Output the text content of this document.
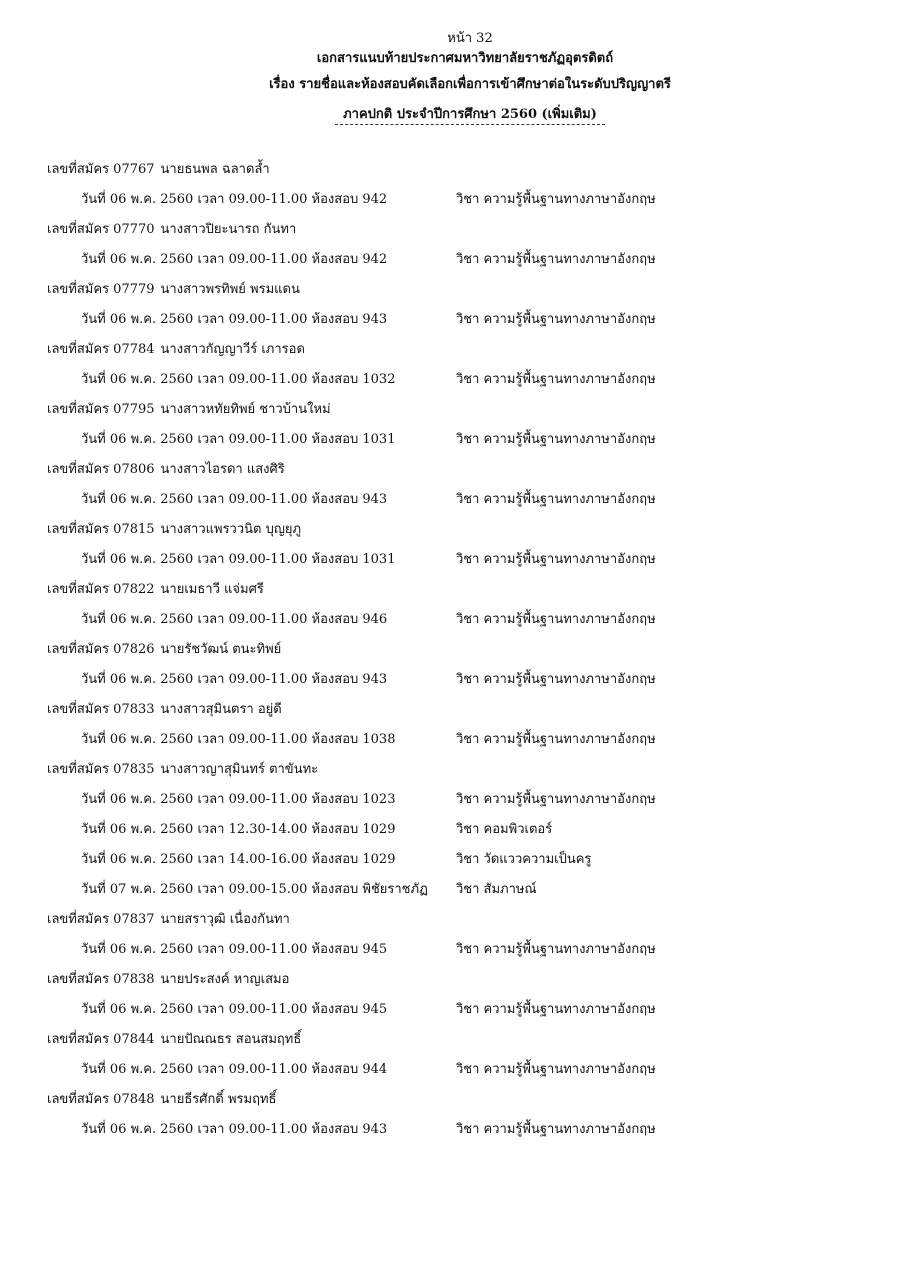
หน้า 32
เอกสารแนบท้ายประกาศมหาวิทยาลัยราชภัฏอุตรดิตถ์
เรื่อง รายชื่อและห้องสอบคัดเลือกเพื่อการเข้าศึกษาต่อในระดับปริญญาตรี
ภาคปกติ ประจำปีการศึกษา 2560 (เพิ่มเติม)
เลขที่สมัคร 07767 นายธนพล ฉลาดล้ำ
วันที่ 06 พ.ค. 2560 เวลา 09.00-11.00 ห้องสอบ 942	วิชา ความรู้พื้นฐานทางภาษาอังกฤษ
เลขที่สมัคร 07770 นางสาวปิยะนารถ กันทา
วันที่ 06 พ.ค. 2560 เวลา 09.00-11.00 ห้องสอบ 942	วิชา ความรู้พื้นฐานทางภาษาอังกฤษ
เลขที่สมัคร 07779 นางสาวพรทิพย์ พรมแดน
วันที่ 06 พ.ค. 2560 เวลา 09.00-11.00 ห้องสอบ 943	วิชา ความรู้พื้นฐานทางภาษาอังกฤษ
เลขที่สมัคร 07784 นางสาวกัญญาวีร์ เภารอด
วันที่ 06 พ.ค. 2560 เวลา 09.00-11.00 ห้องสอบ 1032	วิชา ความรู้พื้นฐานทางภาษาอังกฤษ
เลขที่สมัคร 07795 นางสาวหทัยทิพย์ ชาวบ้านใหม่
วันที่ 06 พ.ค. 2560 เวลา 09.00-11.00 ห้องสอบ 1031	วิชา ความรู้พื้นฐานทางภาษาอังกฤษ
เลขที่สมัคร 07806 นางสาวไอรดา แสงศิริ
วันที่ 06 พ.ค. 2560 เวลา 09.00-11.00 ห้องสอบ 943	วิชา ความรู้พื้นฐานทางภาษาอังกฤษ
เลขที่สมัคร 07815 นางสาวแพรววนิต บุญยุภู
วันที่ 06 พ.ค. 2560 เวลา 09.00-11.00 ห้องสอบ 1031	วิชา ความรู้พื้นฐานทางภาษาอังกฤษ
เลขที่สมัคร 07822 นายเมธาวี แจ่มศรี
วันที่ 06 พ.ค. 2560 เวลา 09.00-11.00 ห้องสอบ 946	วิชา ความรู้พื้นฐานทางภาษาอังกฤษ
เลขที่สมัคร 07826 นายรัชวัฒน์ ตนะทิพย์
วันที่ 06 พ.ค. 2560 เวลา 09.00-11.00 ห้องสอบ 943	วิชา ความรู้พื้นฐานทางภาษาอังกฤษ
เลขที่สมัคร 07833 นางสาวสุมินตรา อยู่ดี
วันที่ 06 พ.ค. 2560 เวลา 09.00-11.00 ห้องสอบ 1038	วิชา ความรู้พื้นฐานทางภาษาอังกฤษ
เลขที่สมัคร 07835 นางสาวญาสุมินทร์ ตาขันทะ
วันที่ 06 พ.ค. 2560 เวลา 09.00-11.00 ห้องสอบ 1023	วิชา ความรู้พื้นฐานทางภาษาอังกฤษ
วันที่ 06 พ.ค. 2560 เวลา 12.30-14.00 ห้องสอบ 1029	วิชา คอมพิวเตอร์
วันที่ 06 พ.ค. 2560 เวลา 14.00-16.00 ห้องสอบ 1029	วิชา วัดแววความเป็นครู
วันที่ 07 พ.ค. 2560 เวลา 09.00-15.00 ห้องสอบ พิชัยราชภัฏ วิชา สัมภาษณ์
เลขที่สมัคร 07837 นายสราวุฒิ เนื่องกันทา
วันที่ 06 พ.ค. 2560 เวลา 09.00-11.00 ห้องสอบ 945	วิชา ความรู้พื้นฐานทางภาษาอังกฤษ
เลขที่สมัคร 07838 นายประสงค์ หาญเสมอ
วันที่ 06 พ.ค. 2560 เวลา 09.00-11.00 ห้องสอบ 945	วิชา ความรู้พื้นฐานทางภาษาอังกฤษ
เลขที่สมัคร 07844 นายปัณณธร สอนสมฤทธิ์
วันที่ 06 พ.ค. 2560 เวลา 09.00-11.00 ห้องสอบ 944	วิชา ความรู้พื้นฐานทางภาษาอังกฤษ
เลขที่สมัคร 07848 นายธีรศักดิ์ พรมฤทธิ์
วันที่ 06 พ.ค. 2560 เวลา 09.00-11.00 ห้องสอบ 943	วิชา ความรู้พื้นฐานทางภาษาอังกฤษ
